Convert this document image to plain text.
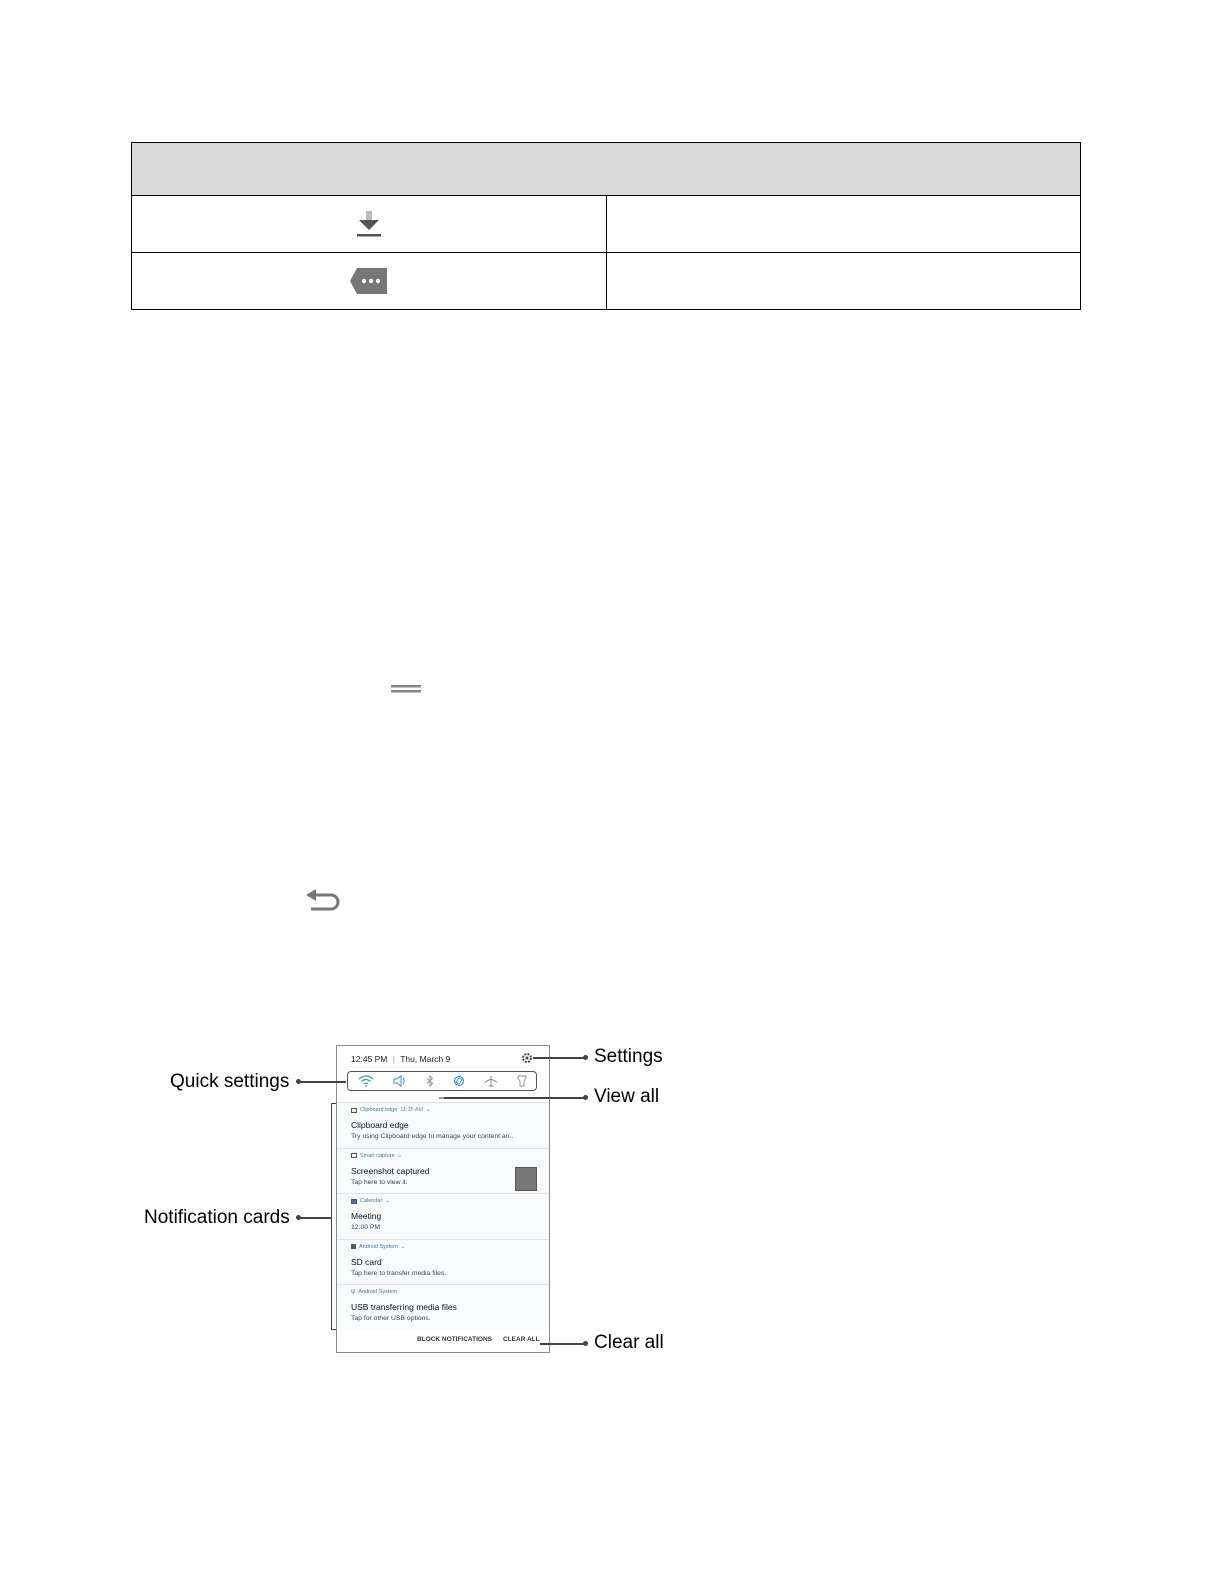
12:45 PM | Thu, March 9
Clipboard edge 11:35 AM ⌄
Clipboard edge
Try using Clipboard edge to manage your content an..
Smart capture ⌄
Screenshot captured
Tap here to view it.
Calendar ⌄
Meeting
12:00 PM
Android System ⌄
SD card
Tap here to transfer media files.
ψ Android System
USB transferring media files
Tap for other USB options.
BLOCK NOTIFICATIONS CLEAR ALL
Settings
Quick settings
View all
Notification cards
Clear all
